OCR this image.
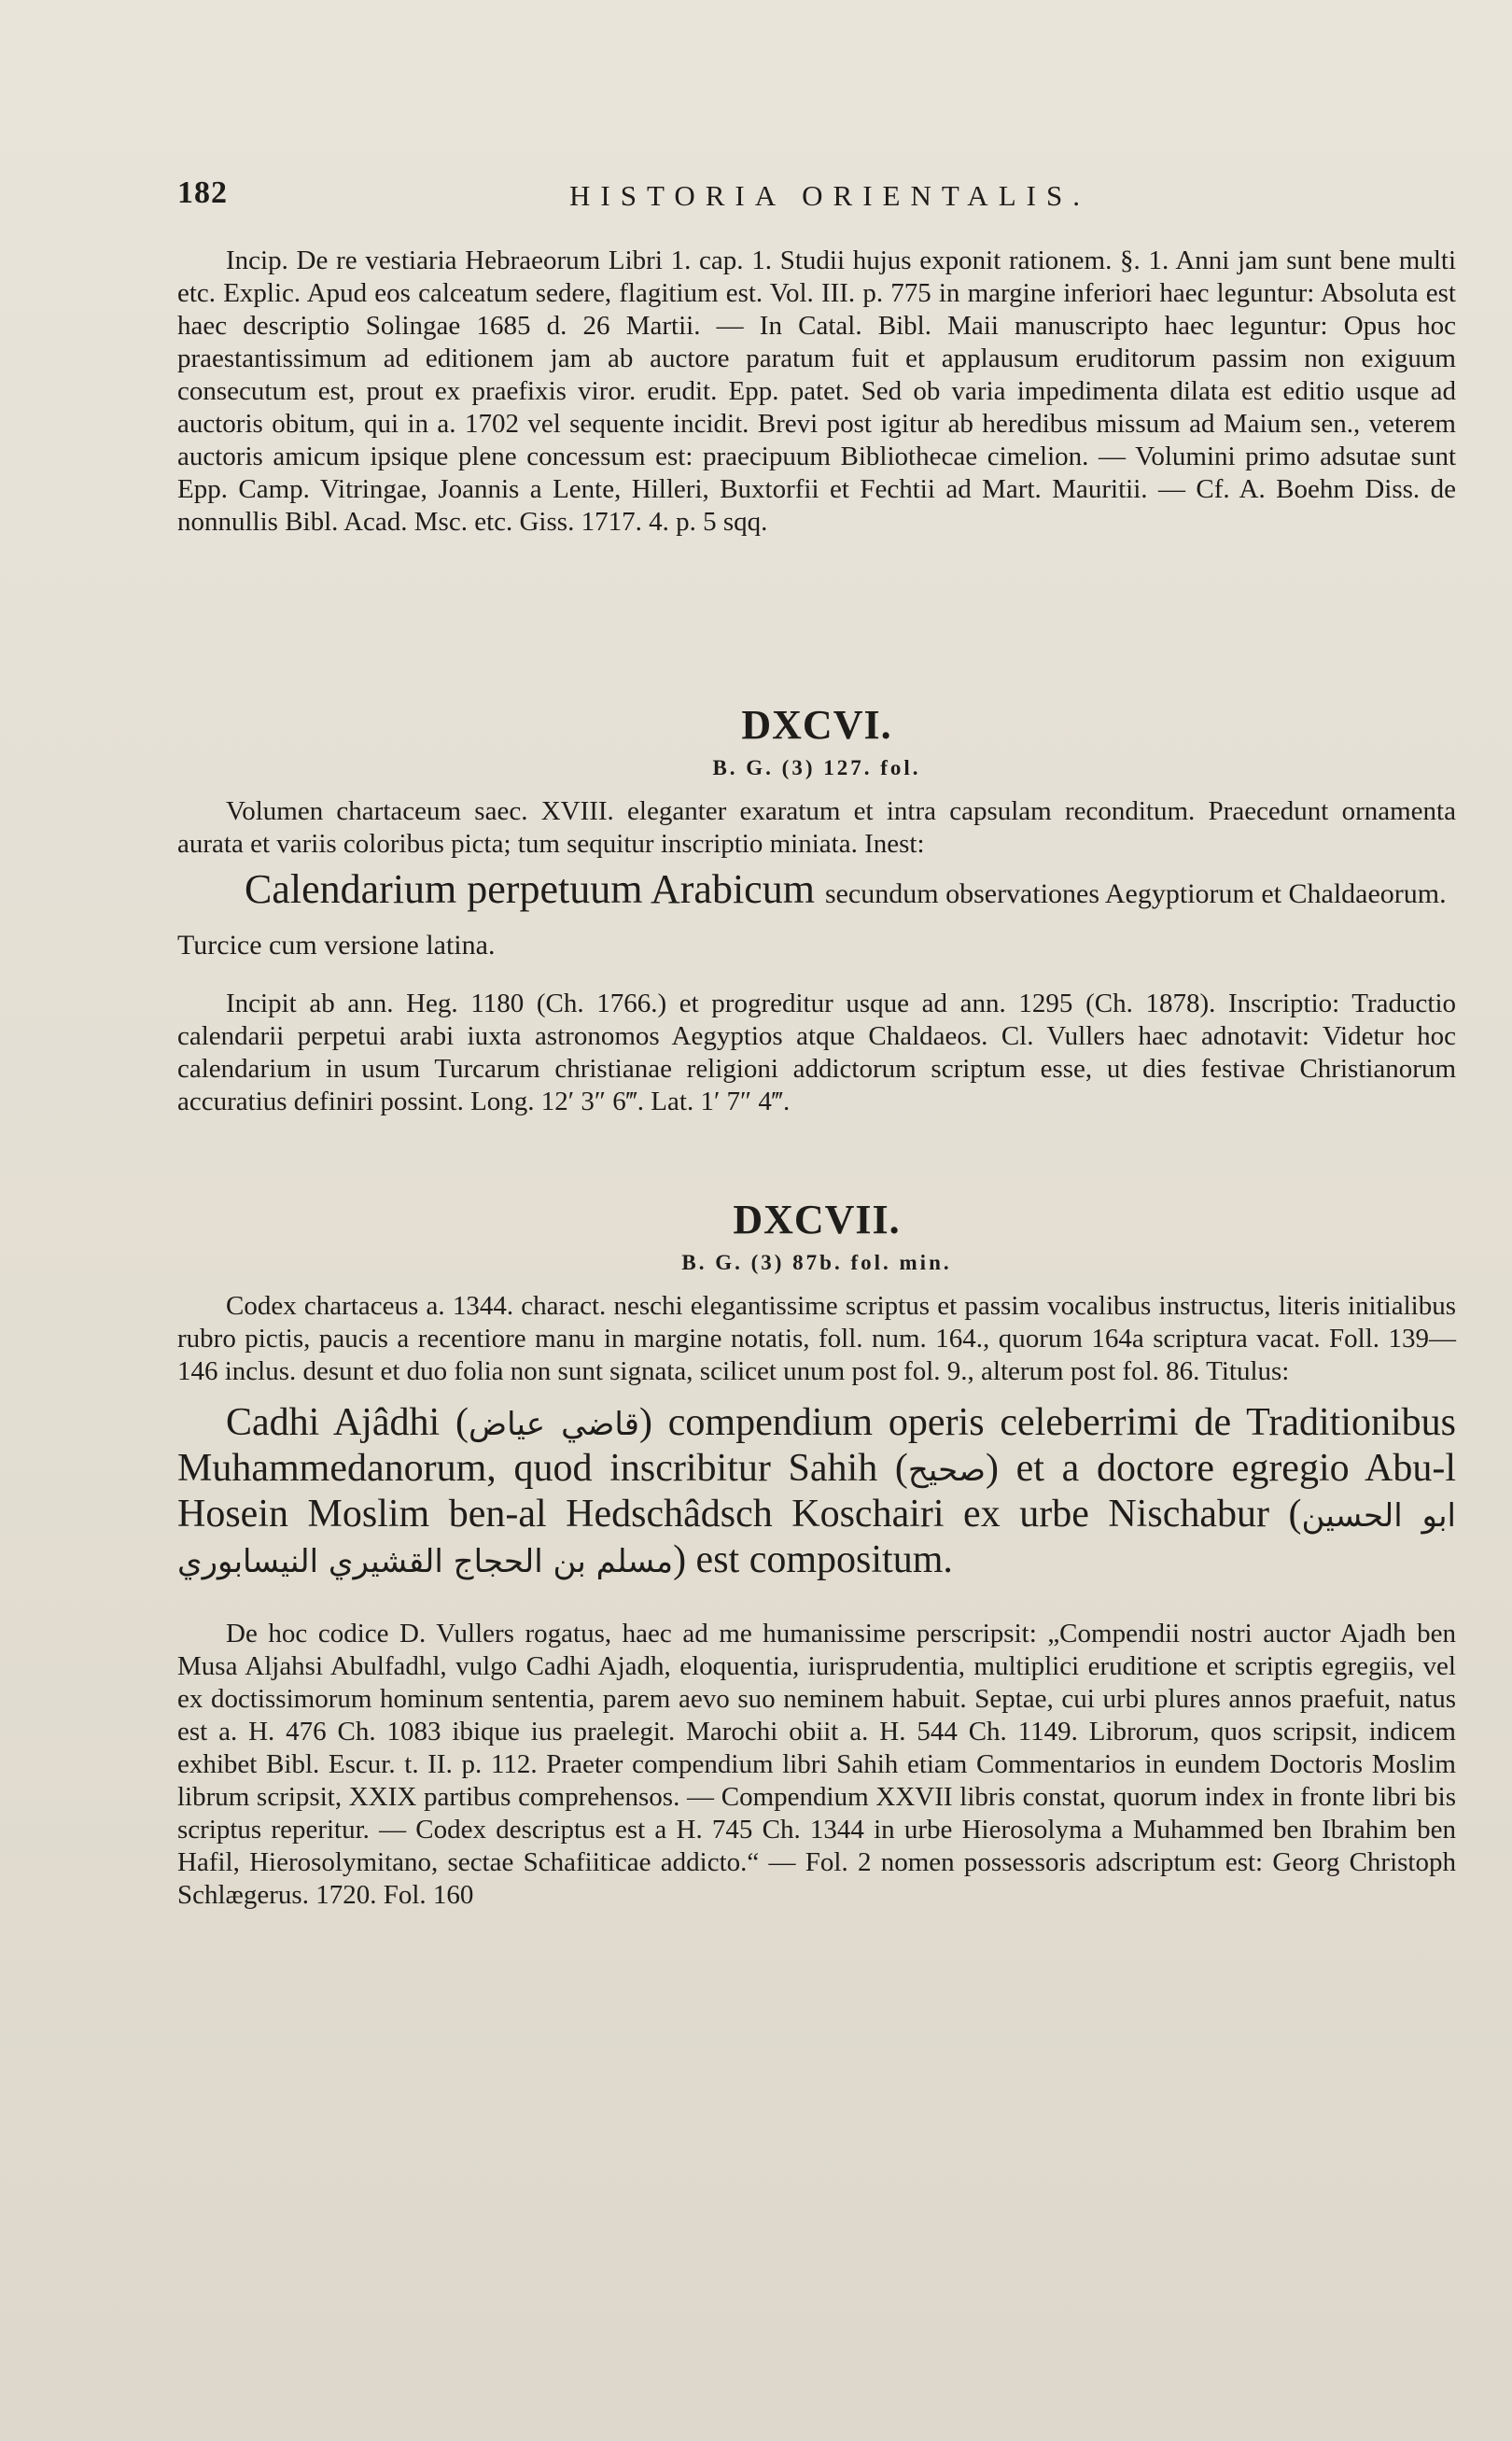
182	HISTORIA ORIENTALIS.

Incip. De re vestiaria Hebraeorum Libri 1. cap. 1. Studii hujus exponit rationem. §. 1. Anni jam sunt bene multi etc. Explic. Apud eos calceatum sedere, flagitium est. Vol. III. p. 775 in margine inferiori haec leguntur: Absoluta est haec descriptio Solingae 1685 d. 26 Martii. — In Catal. Bibl. Maii manuscripto haec leguntur: Opus hoc praestantissimum ad editionem jam ab auctore paratum fuit et applausum eruditorum passim non exiguum consecutum est, prout ex praefixis viror. erudit. Epp. patet. Sed ob varia impedimenta dilata est editio usque ad auctoris obitum, qui in a. 1702 vel sequente incidit. Brevi post igitur ab heredibus missum ad Maium sen., veterem auctoris amicum ipsique plene concessum est: praecipuum Bibliothecae cimelion. — Volumini primo adsutae sunt Epp. Camp. Vitringae, Joannis a Lente, Hilleri, Buxtorfii et Fechtii ad Mart. Mauritii. — Cf. A. Boehm Diss. de nonnullis Bibl. Acad. Msc. etc. Giss. 1717. 4. p. 5 sqq.

DXCVI.
B. G. (3) 127. fol.

Volumen chartaceum saec. XVIII. eleganter exaratum et intra capsulam reconditum. Praecedunt ornamenta aurata et variis coloribus picta; tum sequitur inscriptio miniata. Inest:

Calendarium perpetuum Arabicum secundum observationes Aegyptiorum et Chaldaeorum. Turcice cum versione latina.

Incipit ab ann. Heg. 1180 (Ch. 1766.) et progreditur usque ad ann. 1295 (Ch. 1878). Inscriptio: Traductio calendarii perpetui arabi iuxta astronomos Aegyptios atque Chaldaeos. Cl. Vullers haec adnotavit: Videtur hoc calendarium in usum Turcarum christianae religioni addictorum scriptum esse, ut dies festivae Christianorum accuratius definiri possint. Long. 12′ 3″ 6‴. Lat. 1′ 7″ 4‴.

DXCVII.
B. G. (3) 87b. fol. min.

Codex chartaceus a. 1344. charact. neschi elegantissime scriptus et passim vocalibus instructus, literis initialibus rubro pictis, paucis a recentiore manu in margine notatis, foll. num. 164., quorum 164a scriptura vacat. Foll. 139—146 inclus. desunt et duo folia non sunt signata, scilicet unum post fol. 9., alterum post fol. 86. Titulus:

Cadhi Ajâdhi (قاضي عياض) compendium operis celeberrimi de Traditionibus Muhammedanorum, quod inscribitur Sahih (صحيح) et a doctore egregio Abu-l Hosein Moslim ben-al Hedschâdsch Koschairi ex urbe Nischabur (ابو الحسين مسلم بن الحجاج القشيري النيسابوري) est compositum.

De hoc codice D. Vullers rogatus, haec ad me humanissime perscripsit: „Compendii nostri auctor Ajadh ben Musa Aljahsi Abulfadhl, vulgo Cadhi Ajadh, eloquentia, iurisprudentia, multiplici eruditione et scriptis egregiis, vel ex doctissimorum hominum sententia, parem aevo suo neminem habuit. Septae, cui urbi plures annos praefuit, natus est a. H. 476 Ch. 1083 ibique ius praelegit. Marochi obiit a. H. 544 Ch. 1149. Librorum, quos scripsit, indicem exhibet Bibl. Escur. t. II. p. 112. Praeter compendium libri Sahih etiam Commentarios in eundem Doctoris Moslim librum scripsit, XXIX partibus comprehensos. — Compendium XXVII libris constat, quorum index in fronte libri bis scriptus reperitur. — Codex descriptus est a H. 745 Ch. 1344 in urbe Hierosolyma a Muhammed ben Ibrahim ben Hafil, Hierosolymitano, sectae Schafiiticae addicto.“ — Fol. 2 nomen possessoris adscriptum est: Georg Christoph Schlægerus. 1720. Fol. 160
